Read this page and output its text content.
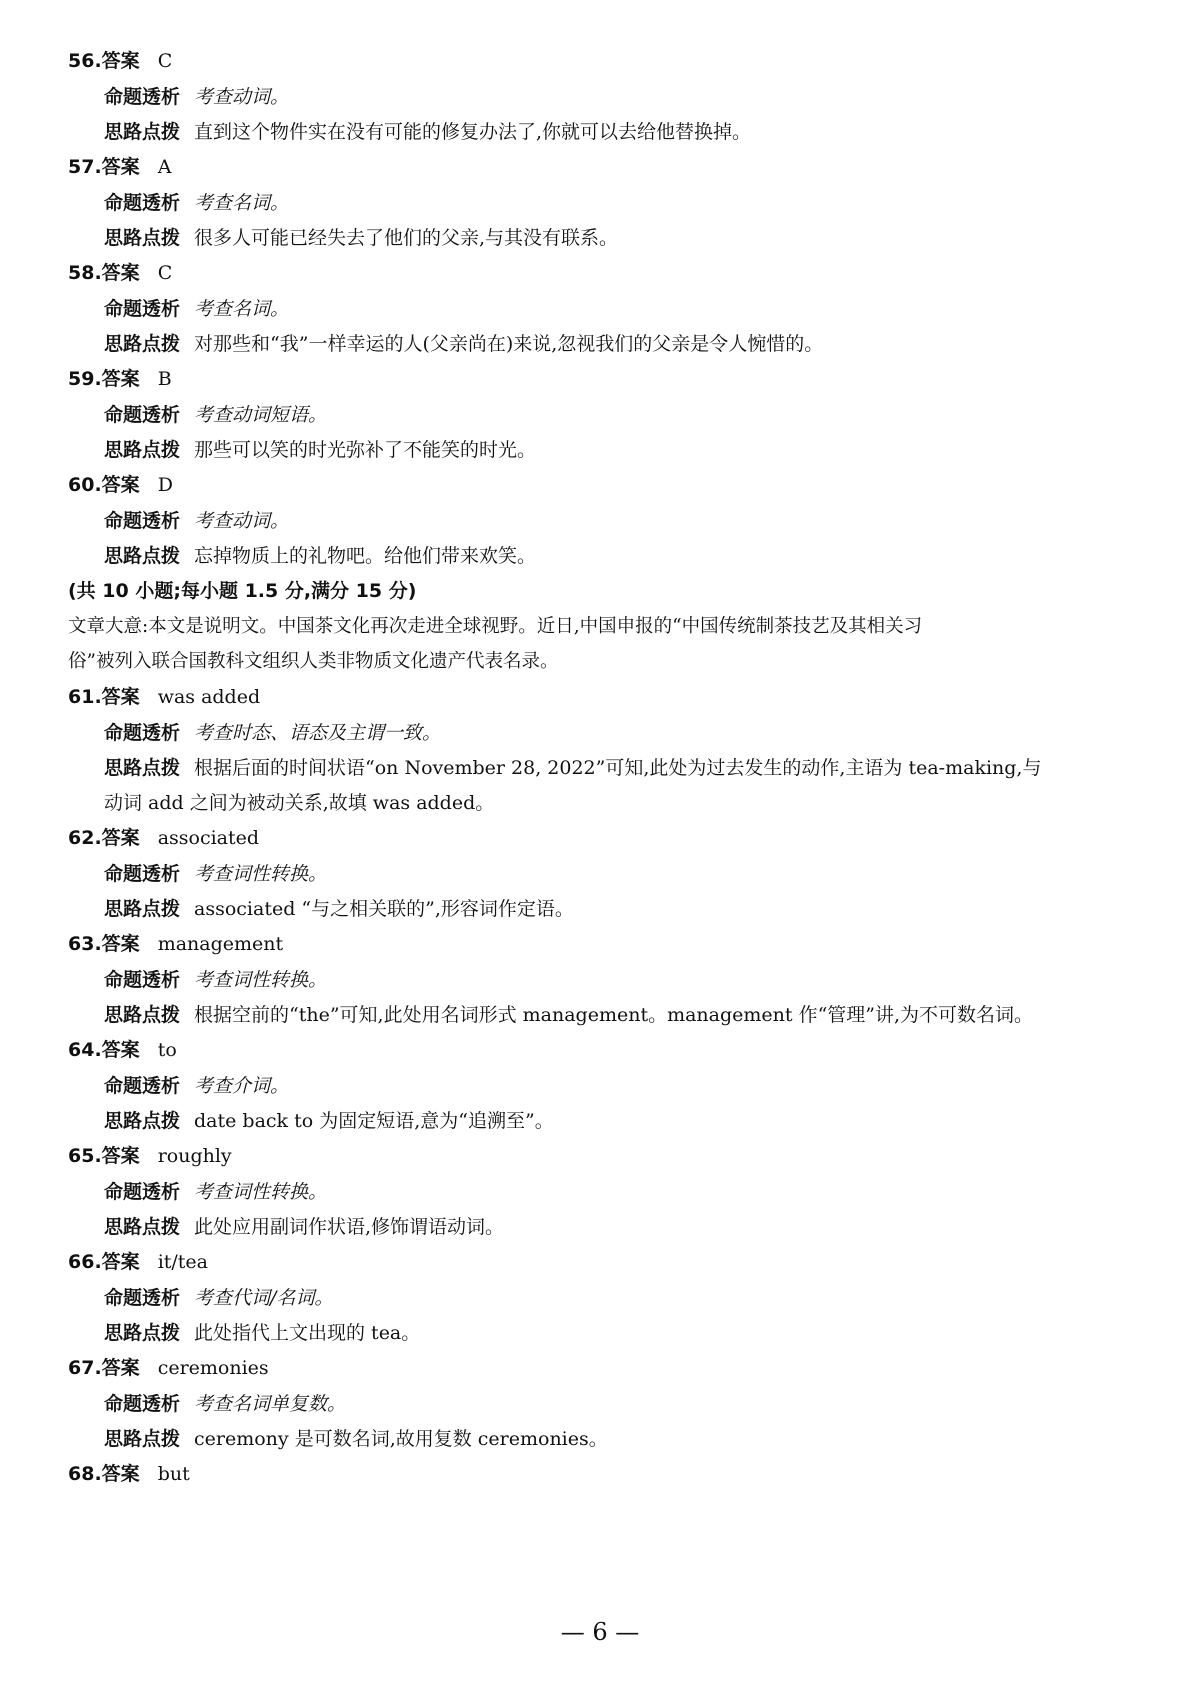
56.答案 C
命题透析 考查动词。
思路点拨 直到这个物件实在没有可能的修复办法了,你就可以去给他替换掉。
57.答案 A
命题透析 考查名词。
思路点拨 很多人可能已经失去了他们的父亲,与其没有联系。
58.答案 C
命题透析 考查名词。
思路点拨 对那些和“我”一样幸运的人(父亲尚在)来说,忽视我们的父亲是令人惋惜的。
59.答案 B
命题透析 考查动词短语。
思路点拨 那些可以笑的时光弥补了不能笑的时光。
60.答案 D
命题透析 考查动词。
思路点拨 忘掉物质上的礼物吧。给他们带来欢笑。
(共 10 小题;每小题 1.5 分,满分 15 分)
文章大意:本文是说明文。中国茶文化再次走进全球视野。近日,中国申报的“中国传统制茶技艺及其相关习
俗”被列入联合国教科文组织人类非物质文化遗产代表名录。
61.答案 was added
命题透析 考查时态、语态及主谓一致。
思路点拨 根据后面的时间状语“on November 28, 2022”可知,此处为过去发生的动作,主语为 tea-making,与
动词 add 之间为被动关系,故填 was added。
62.答案 associated
命题透析 考查词性转换。
思路点拨 associated “与之相关联的”,形容词作定语。
63.答案 management
命题透析 考查词性转换。
思路点拨 根据空前的“the”可知,此处用名词形式 management。management 作“管理”讲,为不可数名词。
64.答案 to
命题透析 考查介词。
思路点拨 date back to 为固定短语,意为“追溯至”。
65.答案 roughly
命题透析 考查词性转换。
思路点拨 此处应用副词作状语,修饰谓语动词。
66.答案 it/tea
命题透析 考查代词/名词。
思路点拨 此处指代上文出现的 tea。
67.答案 ceremonies
命题透析 考查名词单复数。
思路点拨 ceremony 是可数名词,故用复数 ceremonies。
68.答案 but
— 6 —
